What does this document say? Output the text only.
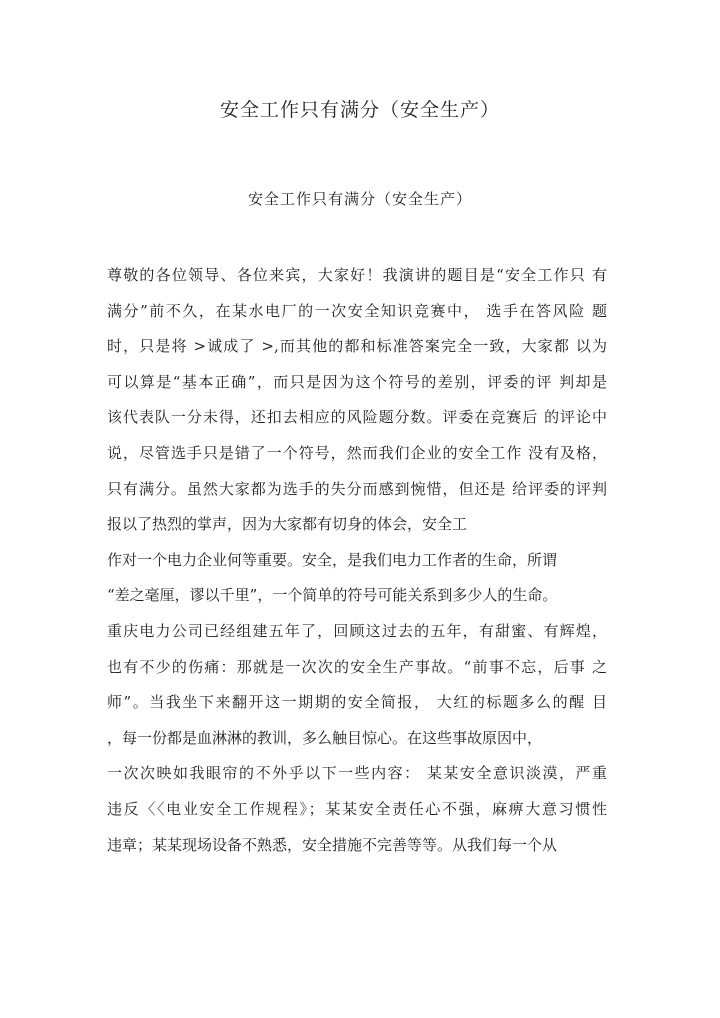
安全工作只有满分（安全生产）
安全工作只有满分（安全生产）
尊敬的各位领导、各位来宾，大家好！我演讲的题目是“安全工作只 有
满分”前不久，在某水电厂的一次安全知识竞赛中， 选手在答风险 题
时，只是将 >诚成了 >,而其他的都和标准答案完全一致，大家都 以为
可以算是“基本正确”，而只是因为这个符号的差别，评委的评 判却是
该代表队一分未得，还扣去相应的风险题分数。评委在竞赛后 的评论中
说，尽管选手只是错了一个符号，然而我们企业的安全工作 没有及格，
只有满分。虽然大家都为选手的失分而感到惋惜，但还是 给评委的评判
报以了热烈的掌声，因为大家都有切身的体会，安全工
作对一个电力企业何等重要。安全，是我们电力工作者的生命，所谓
“差之毫厘，谬以千里”，一个简单的符号可能关系到多少人的生命。
重庆电力公司已经组建五年了，回顾这过去的五年，有甜蜜、有辉煌，
也有不少的伤痛：那就是一次次的安全生产事故。“前事不忘，后事 之
师”。当我坐下来翻开这一期期的安全简报， 大红的标题多么的醒 目
，每一份都是血淋淋的教训，多么触目惊心。在这些事故原因中，
一次次映如我眼帘的不外乎以下一些内容： 某某安全意识淡漠，严重
违反〈〈电业安全工作规程》；某某安全责任心不强，麻痹大意习惯性
违章；某某现场设备不熟悉，安全措施不完善等等。从我们每一个从
